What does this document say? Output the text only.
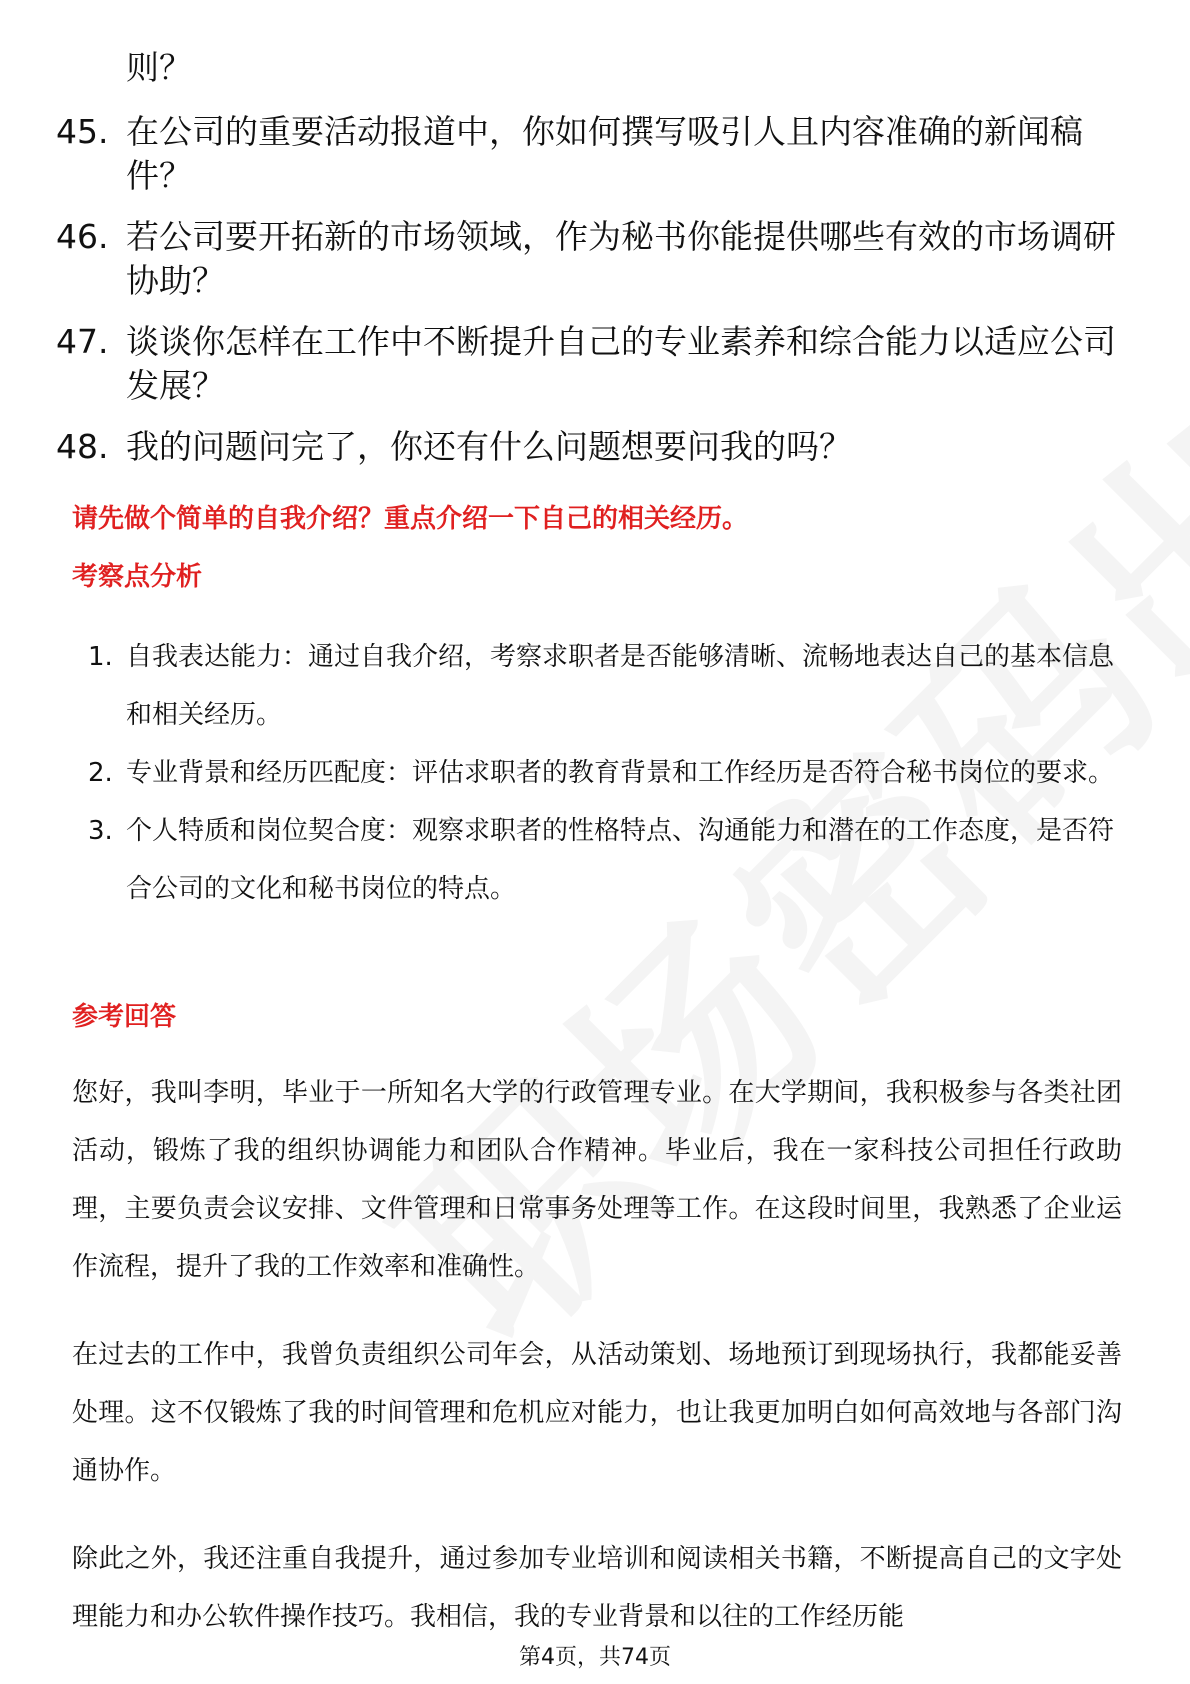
则？
45. 在公司的重要活动报道中，你如何撰写吸引人且内容准确的新闻稿件？
46. 若公司要开拓新的市场领域，作为秘书你能提供哪些有效的市场调研协助？
47. 谈谈你怎样在工作中不断提升自己的专业素养和综合能力以适应公司发展？
48. 我的问题问完了，你还有什么问题想要问我的吗？
请先做个简单的自我介绍？重点介绍一下自己的相关经历。
考察点分析
1. 自我表达能力：通过自我介绍，考察求职者是否能够清晰、流畅地表达自己的基本信息和相关经历。
2. 专业背景和经历匹配度：评估求职者的教育背景和工作经历是否符合秘书岗位的要求。
3. 个人特质和岗位契合度：观察求职者的性格特点、沟通能力和潜在的工作态度，是否符合公司的文化和秘书岗位的特点。
参考回答

您好，我叫李明，毕业于一所知名大学的行政管理专业。在大学期间，我积极参与各类社团活动，锻炼了我的组织协调能力和团队合作精神。毕业后，我在一家科技公司担任行政助理，主要负责会议安排、文件管理和日常事务处理等工作。在这段时间里，我熟悉了企业运作流程，提升了我的工作效率和准确性。

在过去的工作中，我曾负责组织公司年会，从活动策划、场地预订到现场执行，我都能妥善处理。这不仅锻炼了我的时间管理和危机应对能力，也让我更加明白如何高效地与各部门沟通协作。

除此之外，我还注重自我提升，通过参加专业培训和阅读相关书籍，不断提高自己的文字处理能力和办公软件操作技巧。我相信，我的专业背景和以往的工作经历能

第4页，共74页
